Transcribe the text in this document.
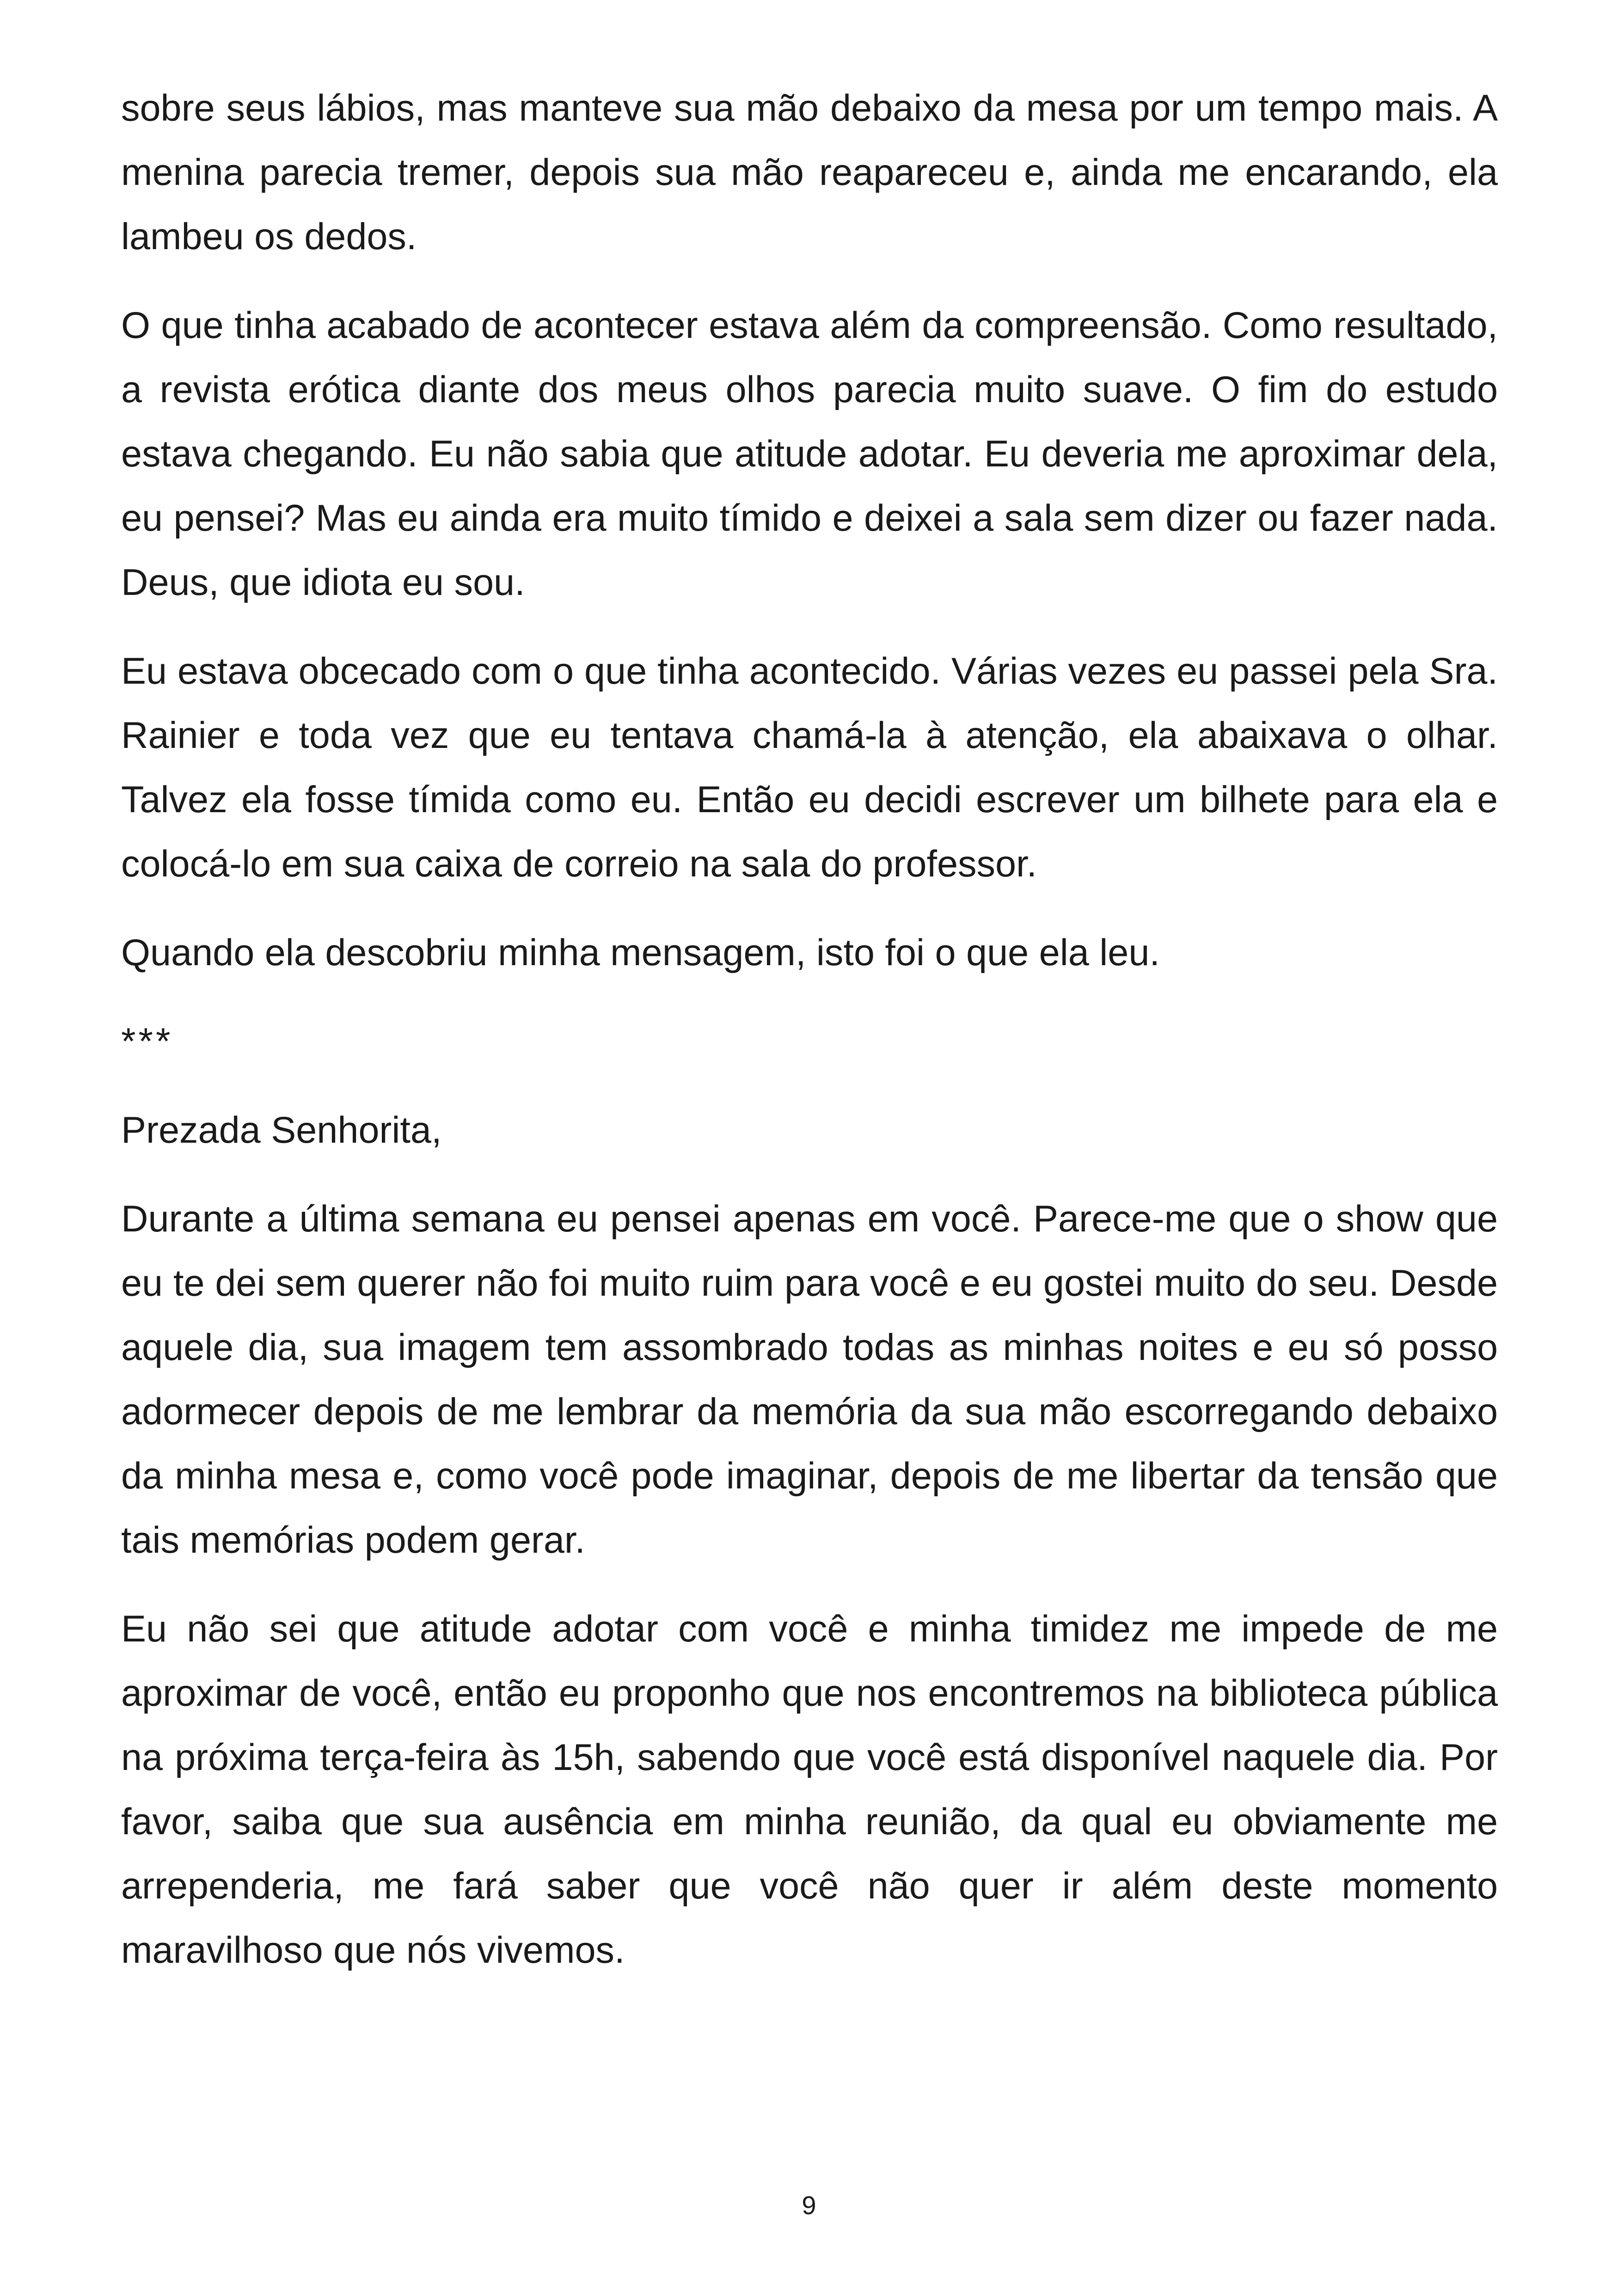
sobre seus lábios, mas manteve sua mão debaixo da mesa por um tempo mais. A menina parecia tremer, depois sua mão reapareceu e, ainda me encarando, ela lambeu os dedos.

O que tinha acabado de acontecer estava além da compreensão. Como resultado, a revista erótica diante dos meus olhos parecia muito suave. O fim do estudo estava chegando. Eu não sabia que atitude adotar. Eu deveria me aproximar dela, eu pensei? Mas eu ainda era muito tímido e deixei a sala sem dizer ou fazer nada. Deus, que idiota eu sou.

Eu estava obcecado com o que tinha acontecido. Várias vezes eu passei pela Sra. Rainier e toda vez que eu tentava chamá-la à atenção, ela abaixava o olhar. Talvez ela fosse tímida como eu. Então eu decidi escrever um bilhete para ela e colocá-lo em sua caixa de correio na sala do professor.

Quando ela descobriu minha mensagem, isto foi o que ela leu.

***

Prezada Senhorita,

Durante a última semana eu pensei apenas em você. Parece-me que o show que eu te dei sem querer não foi muito ruim para você e eu gostei muito do seu. Desde aquele dia, sua imagem tem assombrado todas as minhas noites e eu só posso adormecer depois de me lembrar da memória da sua mão escorregando debaixo da minha mesa e, como você pode imaginar, depois de me libertar da tensão que tais memórias podem gerar.

Eu não sei que atitude adotar com você e minha timidez me impede de me aproximar de você, então eu proponho que nos encontremos na biblioteca pública na próxima terça-feira às 15h, sabendo que você está disponível naquele dia. Por favor, saiba que sua ausência em minha reunião, da qual eu obviamente me arrependeria, me fará saber que você não quer ir além deste momento maravilhoso que nós vivemos.

9
